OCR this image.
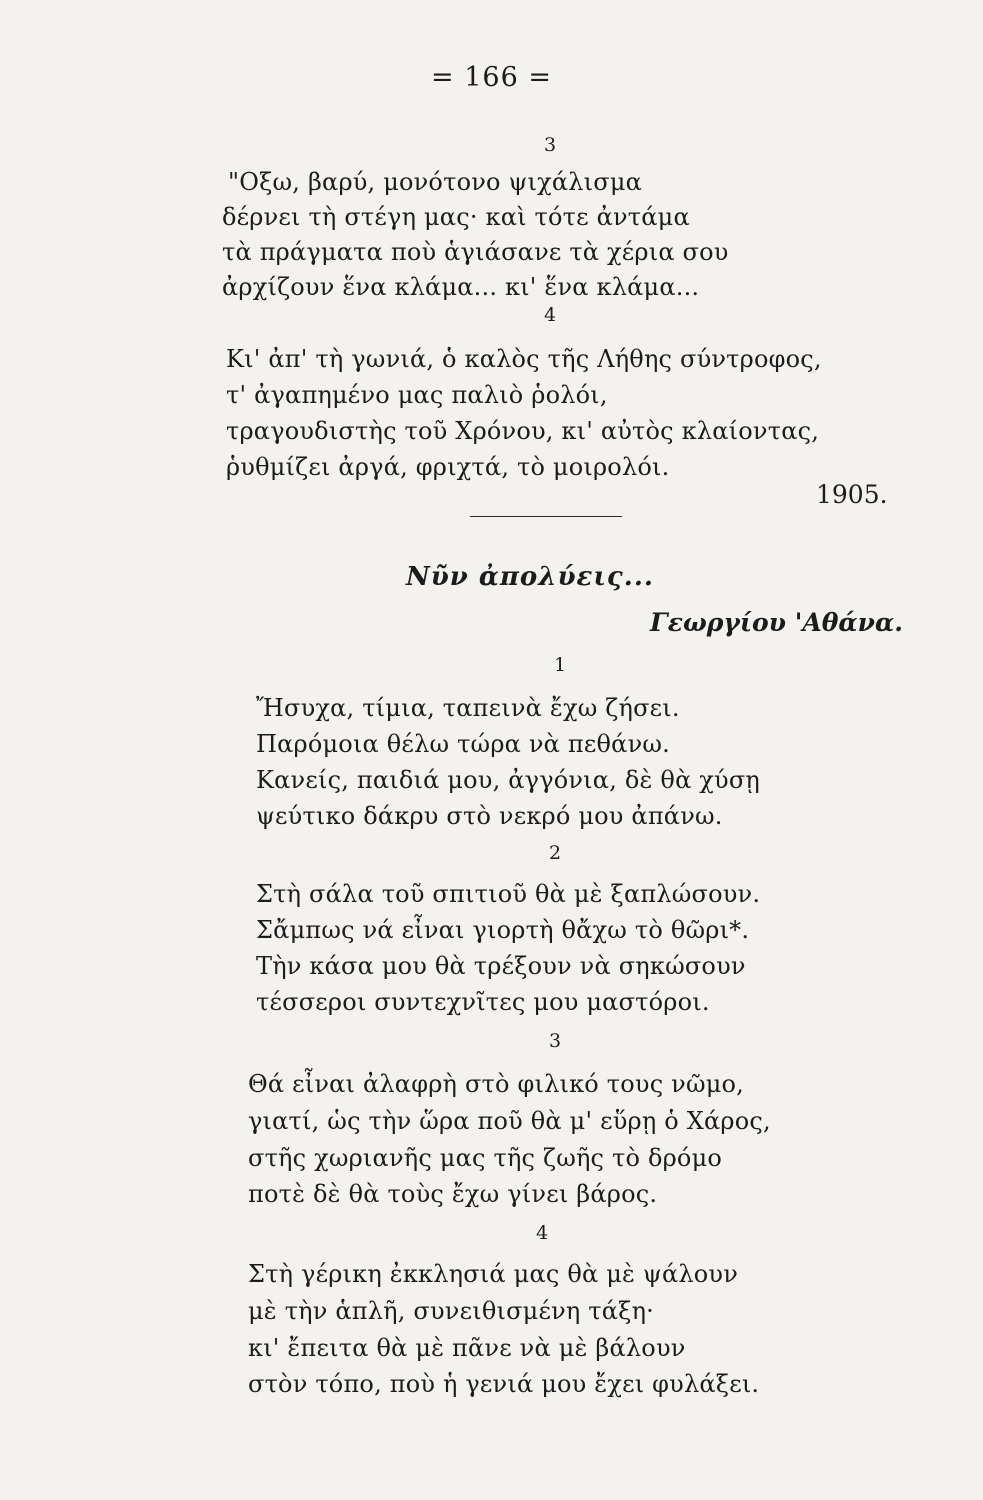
= 166 =
3
"Οξω, βαρύ, μονότονο ψιχάλισμα
δέρνει τὴ στέγη μας· καὶ τότε ἀντάμα
τὰ πράγματα ποὺ ἁγιάσανε τὰ χέρια σου
ἀρχίζουν ἕνα κλάμα... κι' ἕνα κλάμα...
4
Κι' ἀπ' τὴ γωνιά, ὁ καλὸς τῆς Λήθης σύντροφος,
τ' ἀγαπημένο μας παλιὸ ῥολόι,
τραγουδιστὴς τοῦ Χρόνου, κι' αὐτὸς κλαίοντας,
ῥυθμίζει ἀργά, φριχτά, τὸ μοιρολόι.
1905.
Νῦν ἀπολύεις...
Γεωργίου 'Αθάνα.
1
Ἤσυχα, τίμια, ταπεινὰ ἔχω ζήσει.
Παρόμοια θέλω τώρα νὰ πεθάνω.
Κανείς, παιδιά μου, ἀγγόνια, δὲ θὰ χύσῃ
ψεύτικο δάκρυ στὸ νεκρό μου ἀπάνω.
2
Στὴ σάλα τοῦ σπιτιοῦ θὰ μὲ ξαπλώσουν.
Σἄμπως νά εἶναι γιορτὴ θἄχω τὸ θῶρι*.
Τὴν κάσα μου θὰ τρέξουν νὰ σηκώσουν
τέσσεροι συντεχνῖτες μου μαστόροι.
3
Θά εἶναι ἀλαφρὴ στὸ φιλικό τους νῶμο,
γιατί, ὡς τὴν ὥρα ποῦ θὰ μ' εὕρῃ ὁ Χάρος,
στῆς χωριανῆς μας τῆς ζωῆς τὸ δρόμο
ποτὲ δὲ θὰ τοὺς ἔχω γίνει βάρος.
4
Στὴ γέρικη ἐκκλησιά μας θὰ μὲ ψάλουν
μὲ τὴν ἁπλῆ, συνειθισμένη τάξη·
κι' ἔπειτα θὰ μὲ πᾶνε νὰ μὲ βάλουν
στὸν τόπο, ποὺ ἡ γενιά μου ἔχει φυλάξει.
